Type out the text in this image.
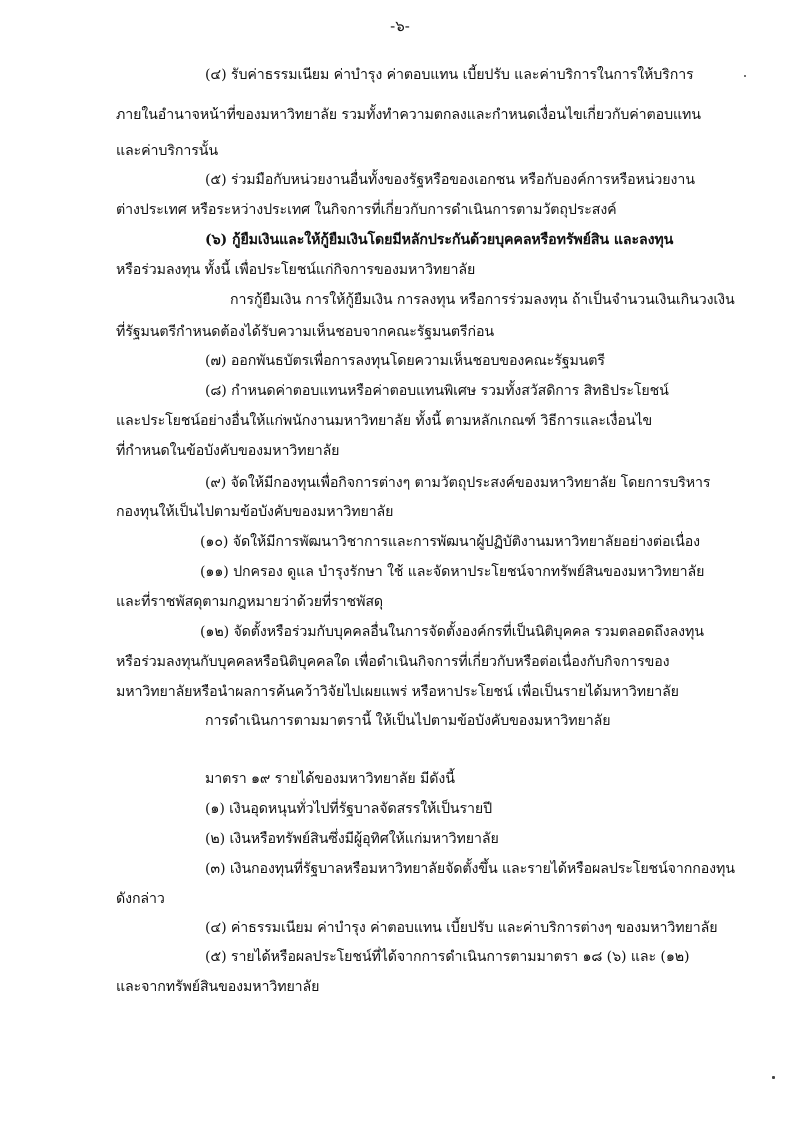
-๖-
(๔) รับค่าธรรมเนียม ค่าบำรุง ค่าตอบแทน เบี้ยปรับ และค่าบริการในการให้บริการ
ภายในอำนาจหน้าที่ของมหาวิทยาลัย รวมทั้งทำความตกลงและกำหนดเงื่อนไขเกี่ยวกับค่าตอบแทน
และค่าบริการนั้น
(๕) ร่วมมือกับหน่วยงานอื่นทั้งของรัฐหรือของเอกชน หรือกับองค์การหรือหน่วยงาน
ต่างประเทศ หรือระหว่างประเทศ ในกิจการที่เกี่ยวกับการดำเนินการตามวัตถุประสงค์
(๖) กู้ยืมเงินและให้กู้ยืมเงินโดยมีหลักประกันด้วยบุคคลหรือทรัพย์สิน และลงทุน
หรือร่วมลงทุน ทั้งนี้ เพื่อประโยชน์แก่กิจการของมหาวิทยาลัย
การกู้ยืมเงิน การให้กู้ยืมเงิน การลงทุน หรือการร่วมลงทุน ถ้าเป็นจำนวนเงินเกินวงเงิน
ที่รัฐมนตรีกำหนดต้องได้รับความเห็นชอบจากคณะรัฐมนตรีก่อน
(๗) ออกพันธบัตรเพื่อการลงทุนโดยความเห็นชอบของคณะรัฐมนตรี
(๘) กำหนดค่าตอบแทนหรือค่าตอบแทนพิเศษ รวมทั้งสวัสดิการ สิทธิประโยชน์
และประโยชน์อย่างอื่นให้แก่พนักงานมหาวิทยาลัย ทั้งนี้ ตามหลักเกณฑ์ วิธีการและเงื่อนไข
ที่กำหนดในข้อบังคับของมหาวิทยาลัย
(๙) จัดให้มีกองทุนเพื่อกิจการต่างๆ ตามวัตถุประสงค์ของมหาวิทยาลัย โดยการบริหาร
กองทุนให้เป็นไปตามข้อบังคับของมหาวิทยาลัย
(๑๐) จัดให้มีการพัฒนาวิชาการและการพัฒนาผู้ปฏิบัติงานมหาวิทยาลัยอย่างต่อเนื่อง
(๑๑) ปกครอง ดูแล บำรุงรักษา ใช้ และจัดหาประโยชน์จากทรัพย์สินของมหาวิทยาลัย
และที่ราชพัสดุตามกฎหมายว่าด้วยที่ราชพัสดุ
(๑๒) จัดตั้งหรือร่วมกับบุคคลอื่นในการจัดตั้งองค์กรที่เป็นนิติบุคคล รวมตลอดถึงลงทุน
หรือร่วมลงทุนกับบุคคลหรือนิติบุคคลใด เพื่อดำเนินกิจการที่เกี่ยวกับหรือต่อเนื่องกับกิจการของ
มหาวิทยาลัยหรือนำผลการค้นคว้าวิจัยไปเผยแพร่ หรือหาประโยชน์ เพื่อเป็นรายได้มหาวิทยาลัย
การดำเนินการตามมาตรานี้ ให้เป็นไปตามข้อบังคับของมหาวิทยาลัย
มาตรา ๑๙ รายได้ของมหาวิทยาลัย มีดังนี้
(๑) เงินอุดหนุนทั่วไปที่รัฐบาลจัดสรรให้เป็นรายปี
(๒) เงินหรือทรัพย์สินซึ่งมีผู้อุทิศให้แก่มหาวิทยาลัย
(๓) เงินกองทุนที่รัฐบาลหรือมหาวิทยาลัยจัดตั้งขึ้น และรายได้หรือผลประโยชน์จากกองทุน
ดังกล่าว
(๔) ค่าธรรมเนียม ค่าบำรุง ค่าตอบแทน เบี้ยปรับ และค่าบริการต่างๆ ของมหาวิทยาลัย
(๕) รายได้หรือผลประโยชน์ที่ได้จากการดำเนินการตามมาตรา ๑๘ (๖) และ (๑๒)
และจากทรัพย์สินของมหาวิทยาลัย
